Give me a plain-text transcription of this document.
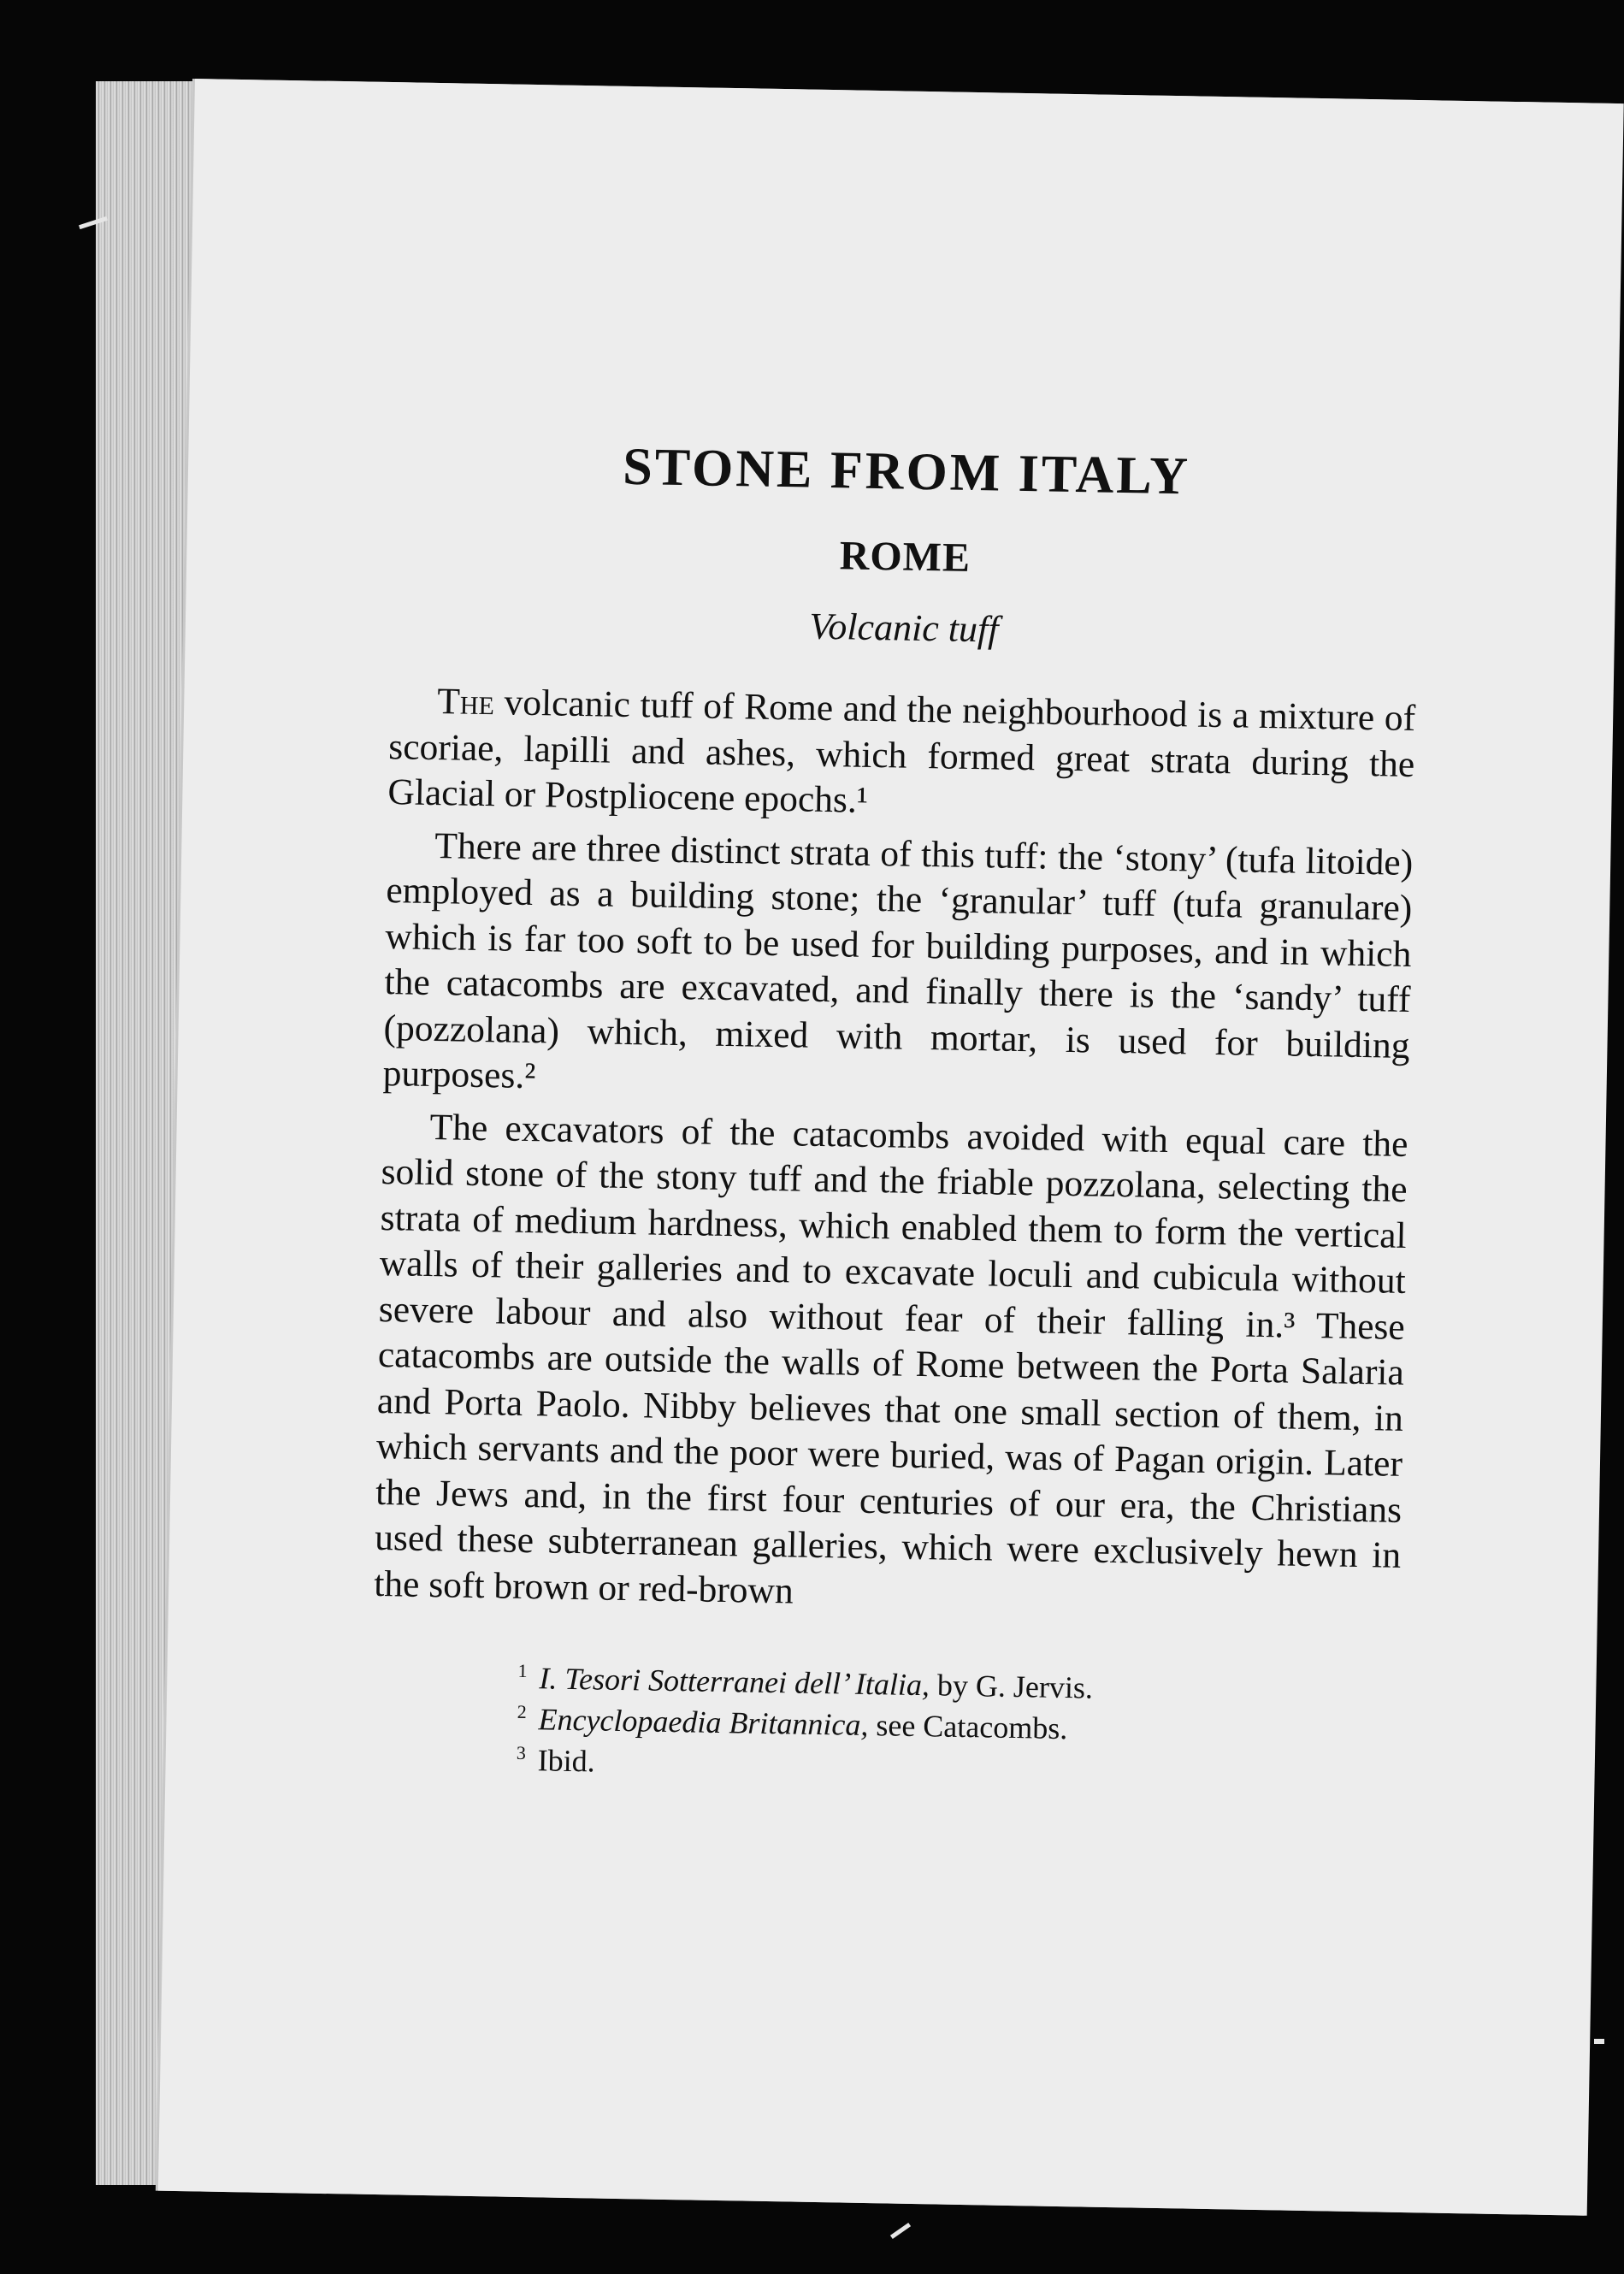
STONE FROM ITALY
ROME
Volcanic tuff

The volcanic tuff of Rome and the neighbourhood is a mixture of scoriae, lapilli and ashes, which formed great strata during the Glacial or Postpliocene epochs.¹

There are three distinct strata of this tuff: the ‘stony’ (tufa litoide) employed as a building stone; the ‘granular’ tuff (tufa granulare) which is far too soft to be used for building purposes, and in which the catacombs are excavated, and finally there is the ‘sandy’ tuff (pozzolana) which, mixed with mortar, is used for building purposes.²

The excavators of the catacombs avoided with equal care the solid stone of the stony tuff and the friable pozzolana, selecting the strata of medium hardness, which enabled them to form the vertical walls of their galleries and to excavate loculi and cubicula without severe labour and also without fear of their falling in.³ These catacombs are outside the walls of Rome between the Porta Salaria and Porta Paolo. Nibby believes that one small section of them, in which servants and the poor were buried, was of Pagan origin. Later the Jews and, in the first four centuries of our era, the Christians used these subterranean galleries, which were exclusively hewn in the soft brown or red-brown

$^1$ I. Tesori Sotterranei dell’ Italia, by G. Jervis.

$^2$ Encyclopaedia Britannica, see Catacombs.

$^3$ Ibid.
